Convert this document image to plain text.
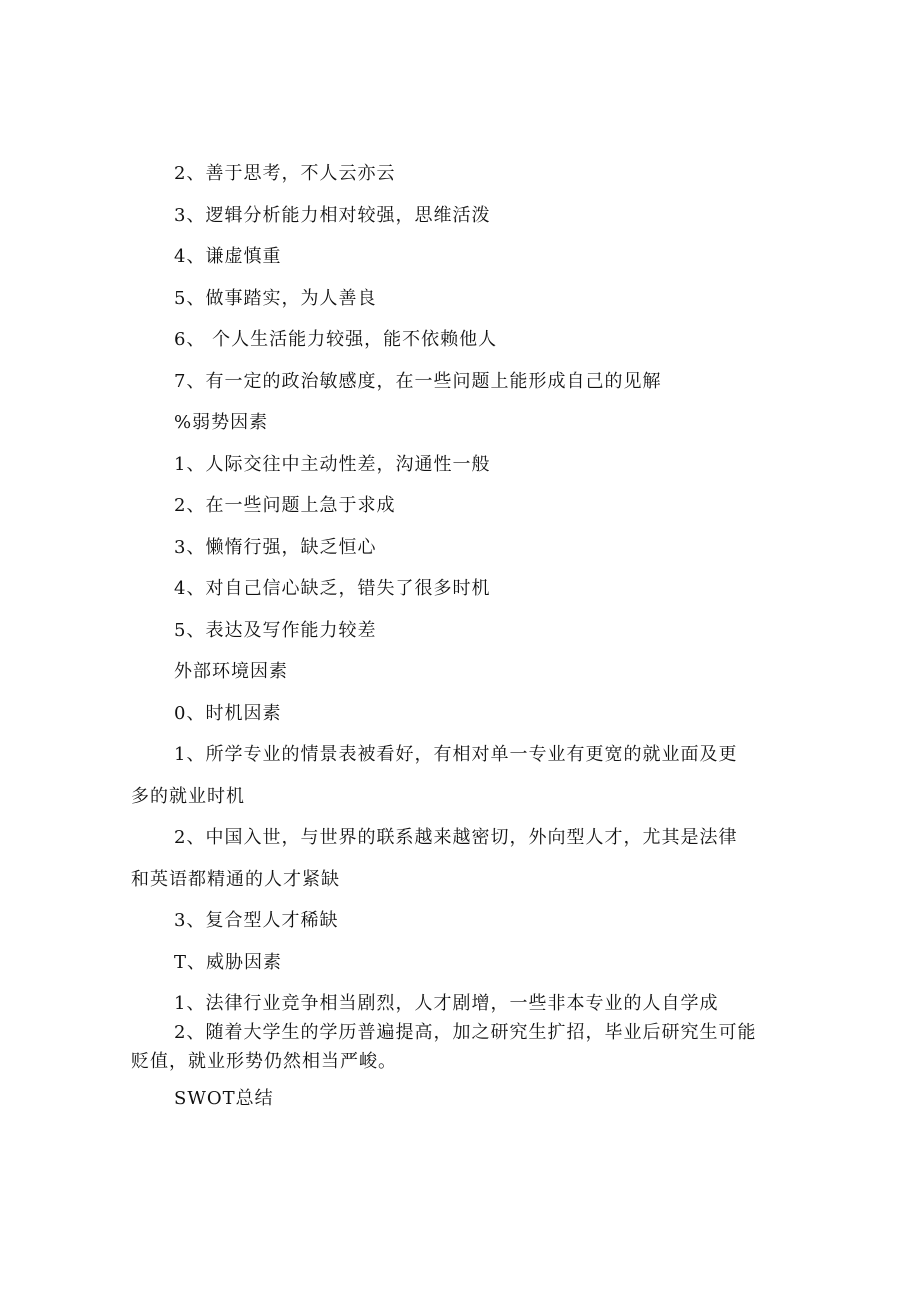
2、善于思考，不人云亦云
3、逻辑分析能力相对较强，思维活泼
4、谦虚慎重
5、做事踏实，为人善良
6、 个人生活能力较强，能不依赖他人
7、有一定的政治敏感度，在一些问题上能形成自己的见解
%弱势因素
1、人际交往中主动性差，沟通性一般
2、在一些问题上急于求成
3、懒惰行强，缺乏恒心
4、对自己信心缺乏，错失了很多时机
5、表达及写作能力较差
外部环境因素
0、时机因素
1、所学专业的情景表被看好，有相对单一专业有更宽的就业面及更
多的就业时机
2、中国入世，与世界的联系越来越密切，外向型人才，尤其是法律
和英语都精通的人才紧缺
3、复合型人才稀缺
T、威胁因素
1、法律行业竞争相当剧烈，人才剧增，一些非本专业的人自学成
2、随着大学生的学历普遍提高，加之研究生扩招，毕业后研究生可能
贬值，就业形势仍然相当严峻。
SWOT总结
